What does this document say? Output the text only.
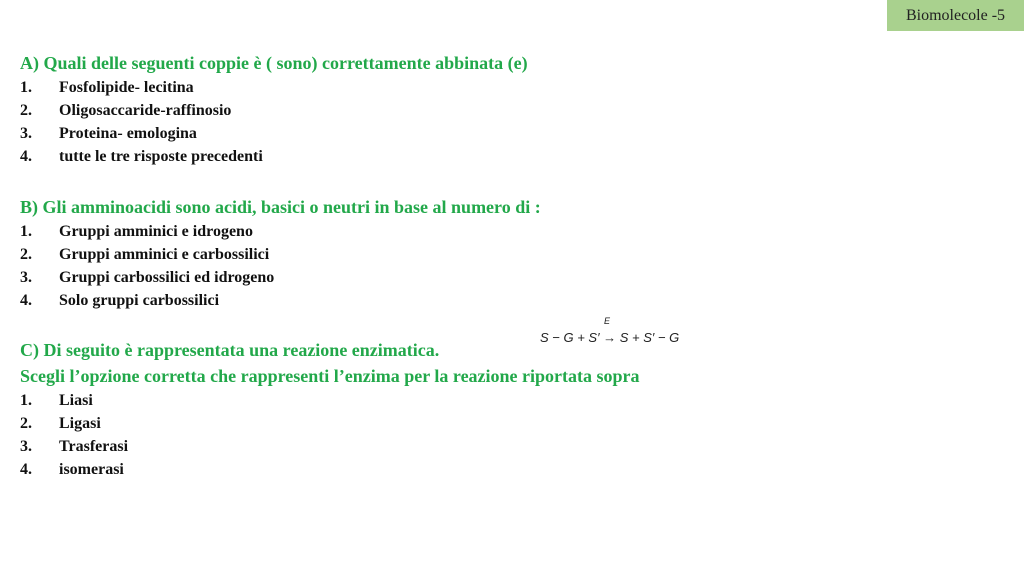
Biomolecole -5
A) Quali delle seguenti coppie è ( sono) correttamente abbinata (e)
1. Fosfolipide- lecitina
2. Oligosaccaride-raffinosio
3. Proteina- emologina
4. tutte le tre risposte precedenti
B) Gli amminoacidi sono acidi, basici o neutri in base al numero di :
1. Gruppi amminici e idrogeno
2. Gruppi amminici e carbossilici
3. Gruppi carbossilici ed idrogeno
4. Solo gruppi carbossilici
C) Di seguito è rappresentata una reazione enzimatica.
E
S − G + S′ → S + S′ − G
Scegli l’opzione corretta che rappresenti l’enzima per la reazione riportata sopra
1. Liasi
2. Ligasi
3. Trasferasi
4. isomerasi
